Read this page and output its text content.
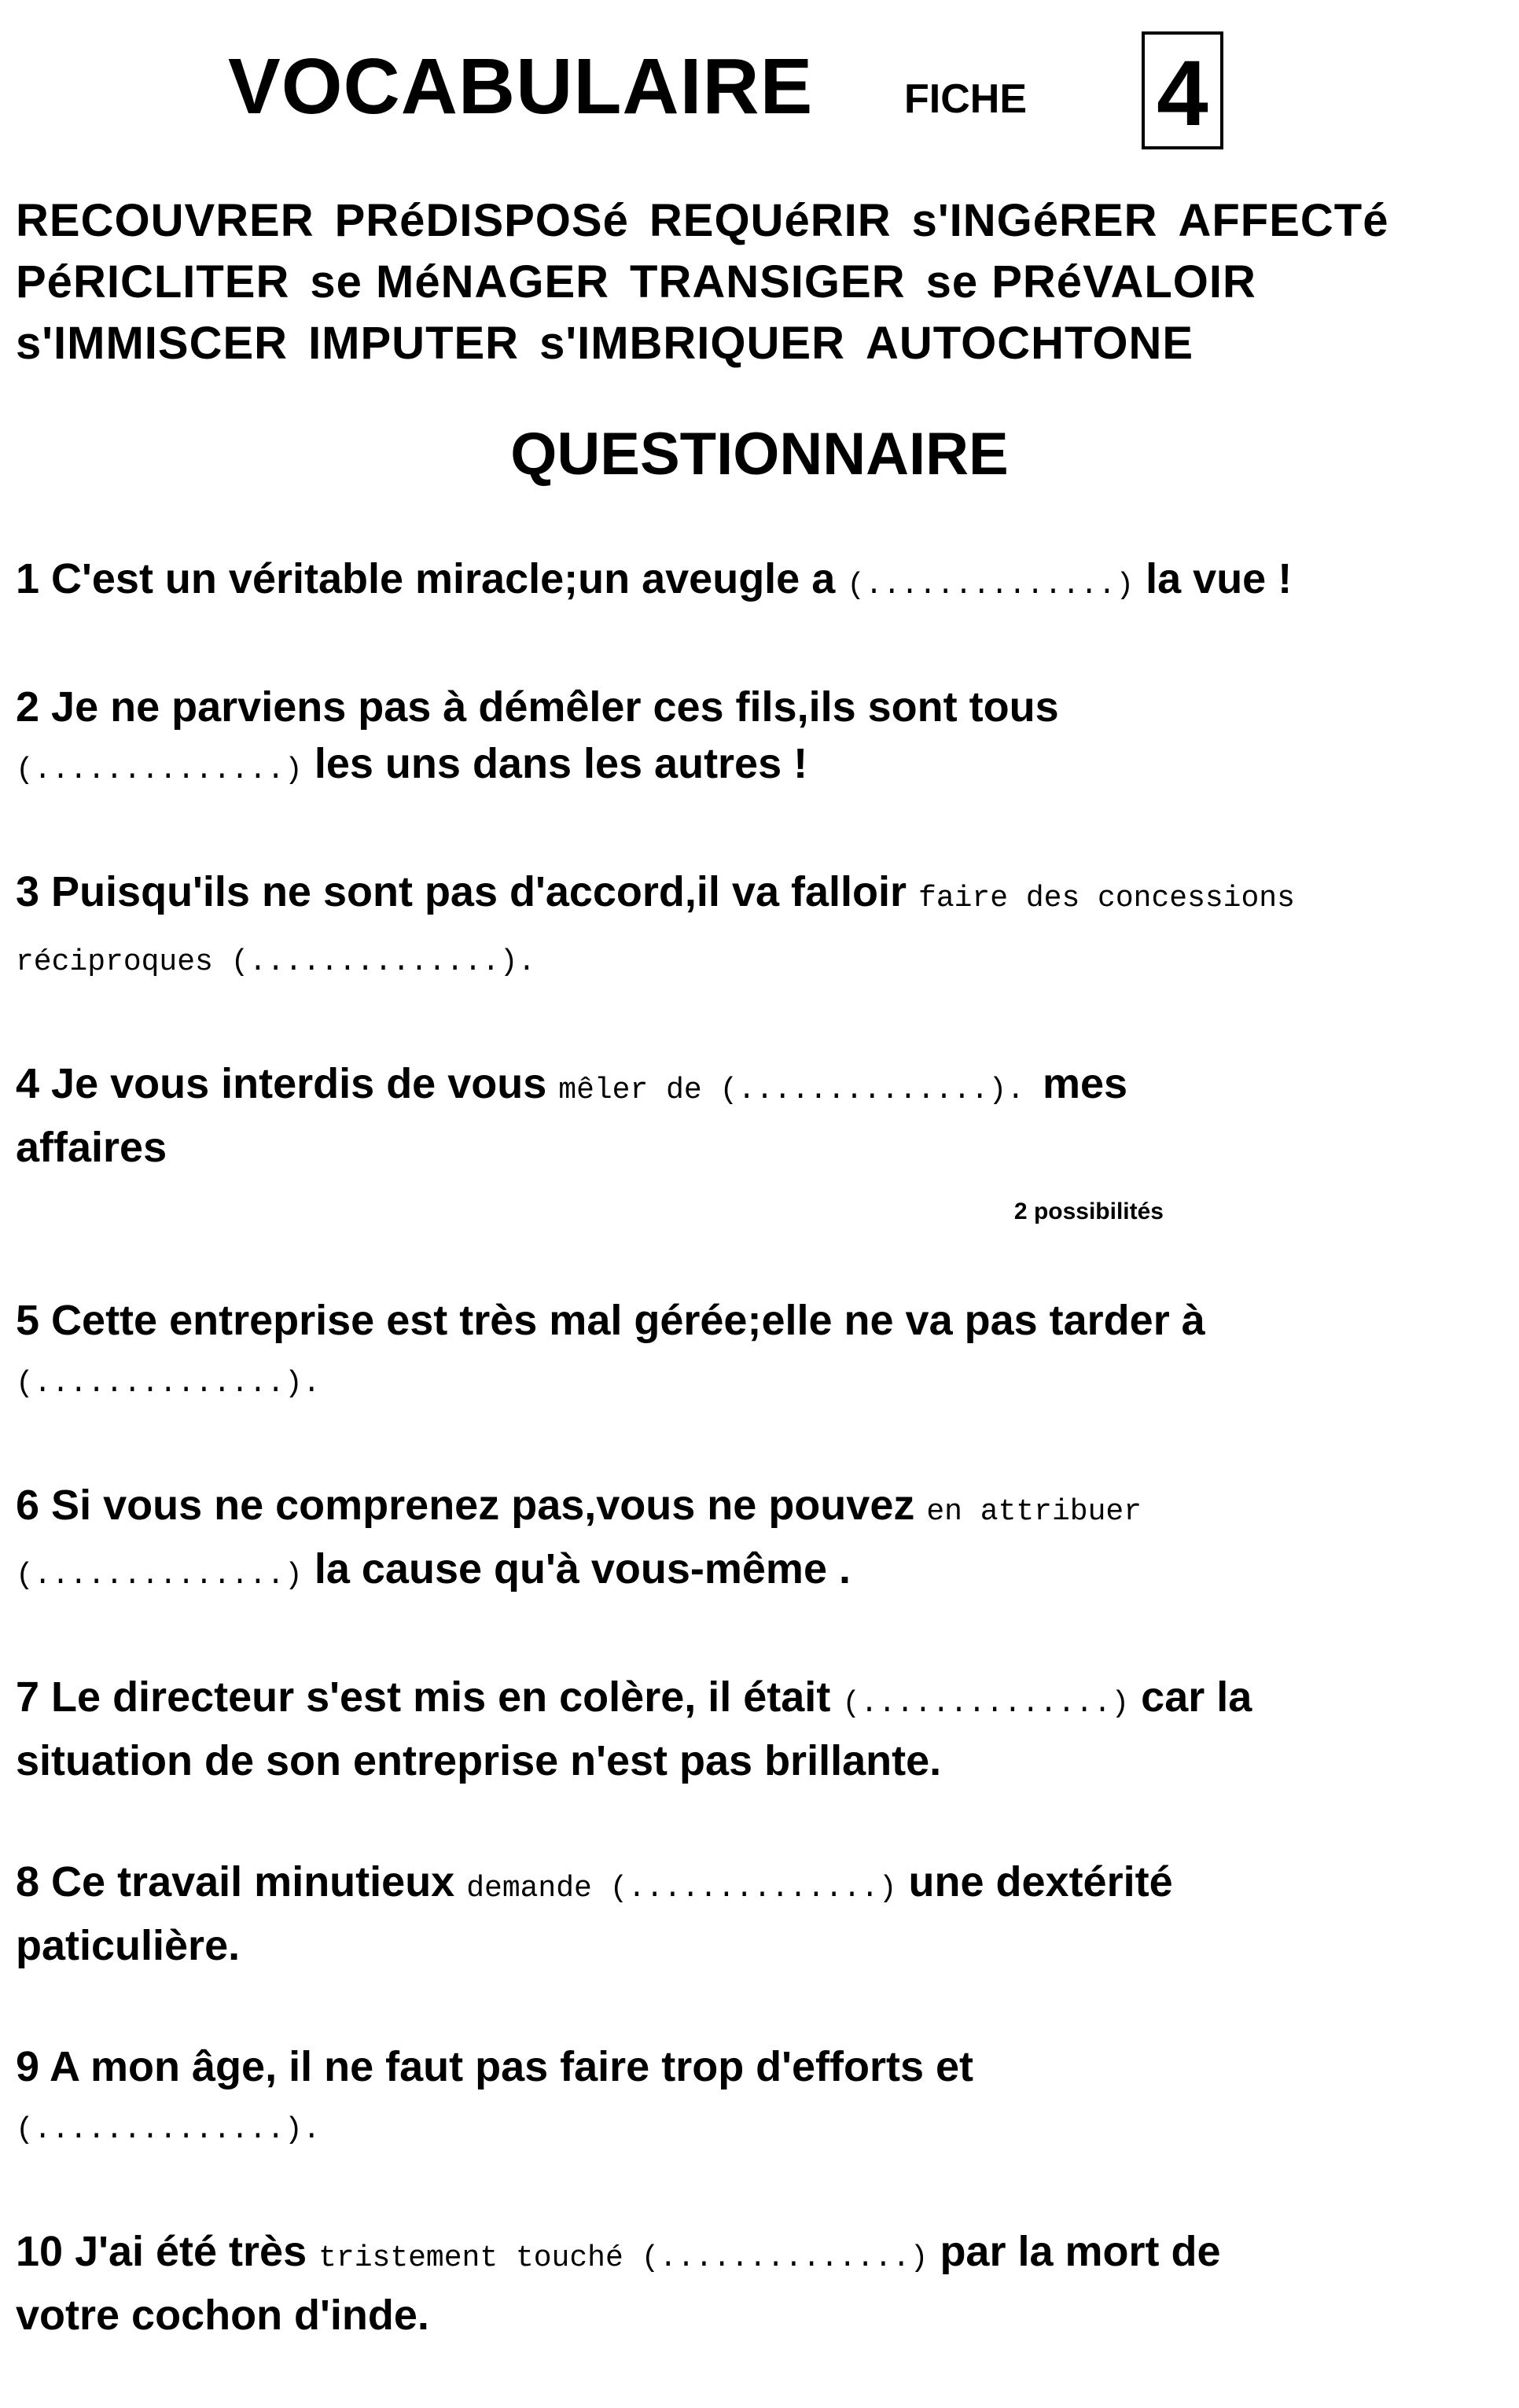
VOCABULAIRE FICHE 4
RECOUVRER PRéDISPOSé REQUéRIR s'INGéRER AFFECTé
PéRICLITER se MéNAGER TRANSIGER se PRéVALOIR
s'IMMISCER IMPUTER s'IMBRIQUER AUTOCHTONE
QUESTIONNAIRE
1 C'est un véritable miracle;un aveugle a (..............) la vue !
2 Je ne parviens pas à démêler ces fils,ils sont tous
(..............) les uns dans les autres !
3 Puisqu'ils ne sont pas d'accord,il va falloir faire des concessions
réciproques (..............).
4 Je vous interdis de vous mêler de (..............). mes
affaires
2 possibilités
5 Cette entreprise est très mal gérée;elle ne va pas tarder à
(..............).
6 Si vous ne comprenez pas,vous ne pouvez en attribuer
(..............) la cause qu'à vous-même .
7 Le directeur s'est mis en colère, il était (..............) car la
situation de son entreprise n'est pas brillante.
8 Ce travail minutieux demande (..............) une dextérité
paticulière.
9 A mon âge, il ne faut pas faire trop d'efforts et
(..............).
10 J'ai été très tristement touché (..............) par la mort de
votre cochon d'inde.
